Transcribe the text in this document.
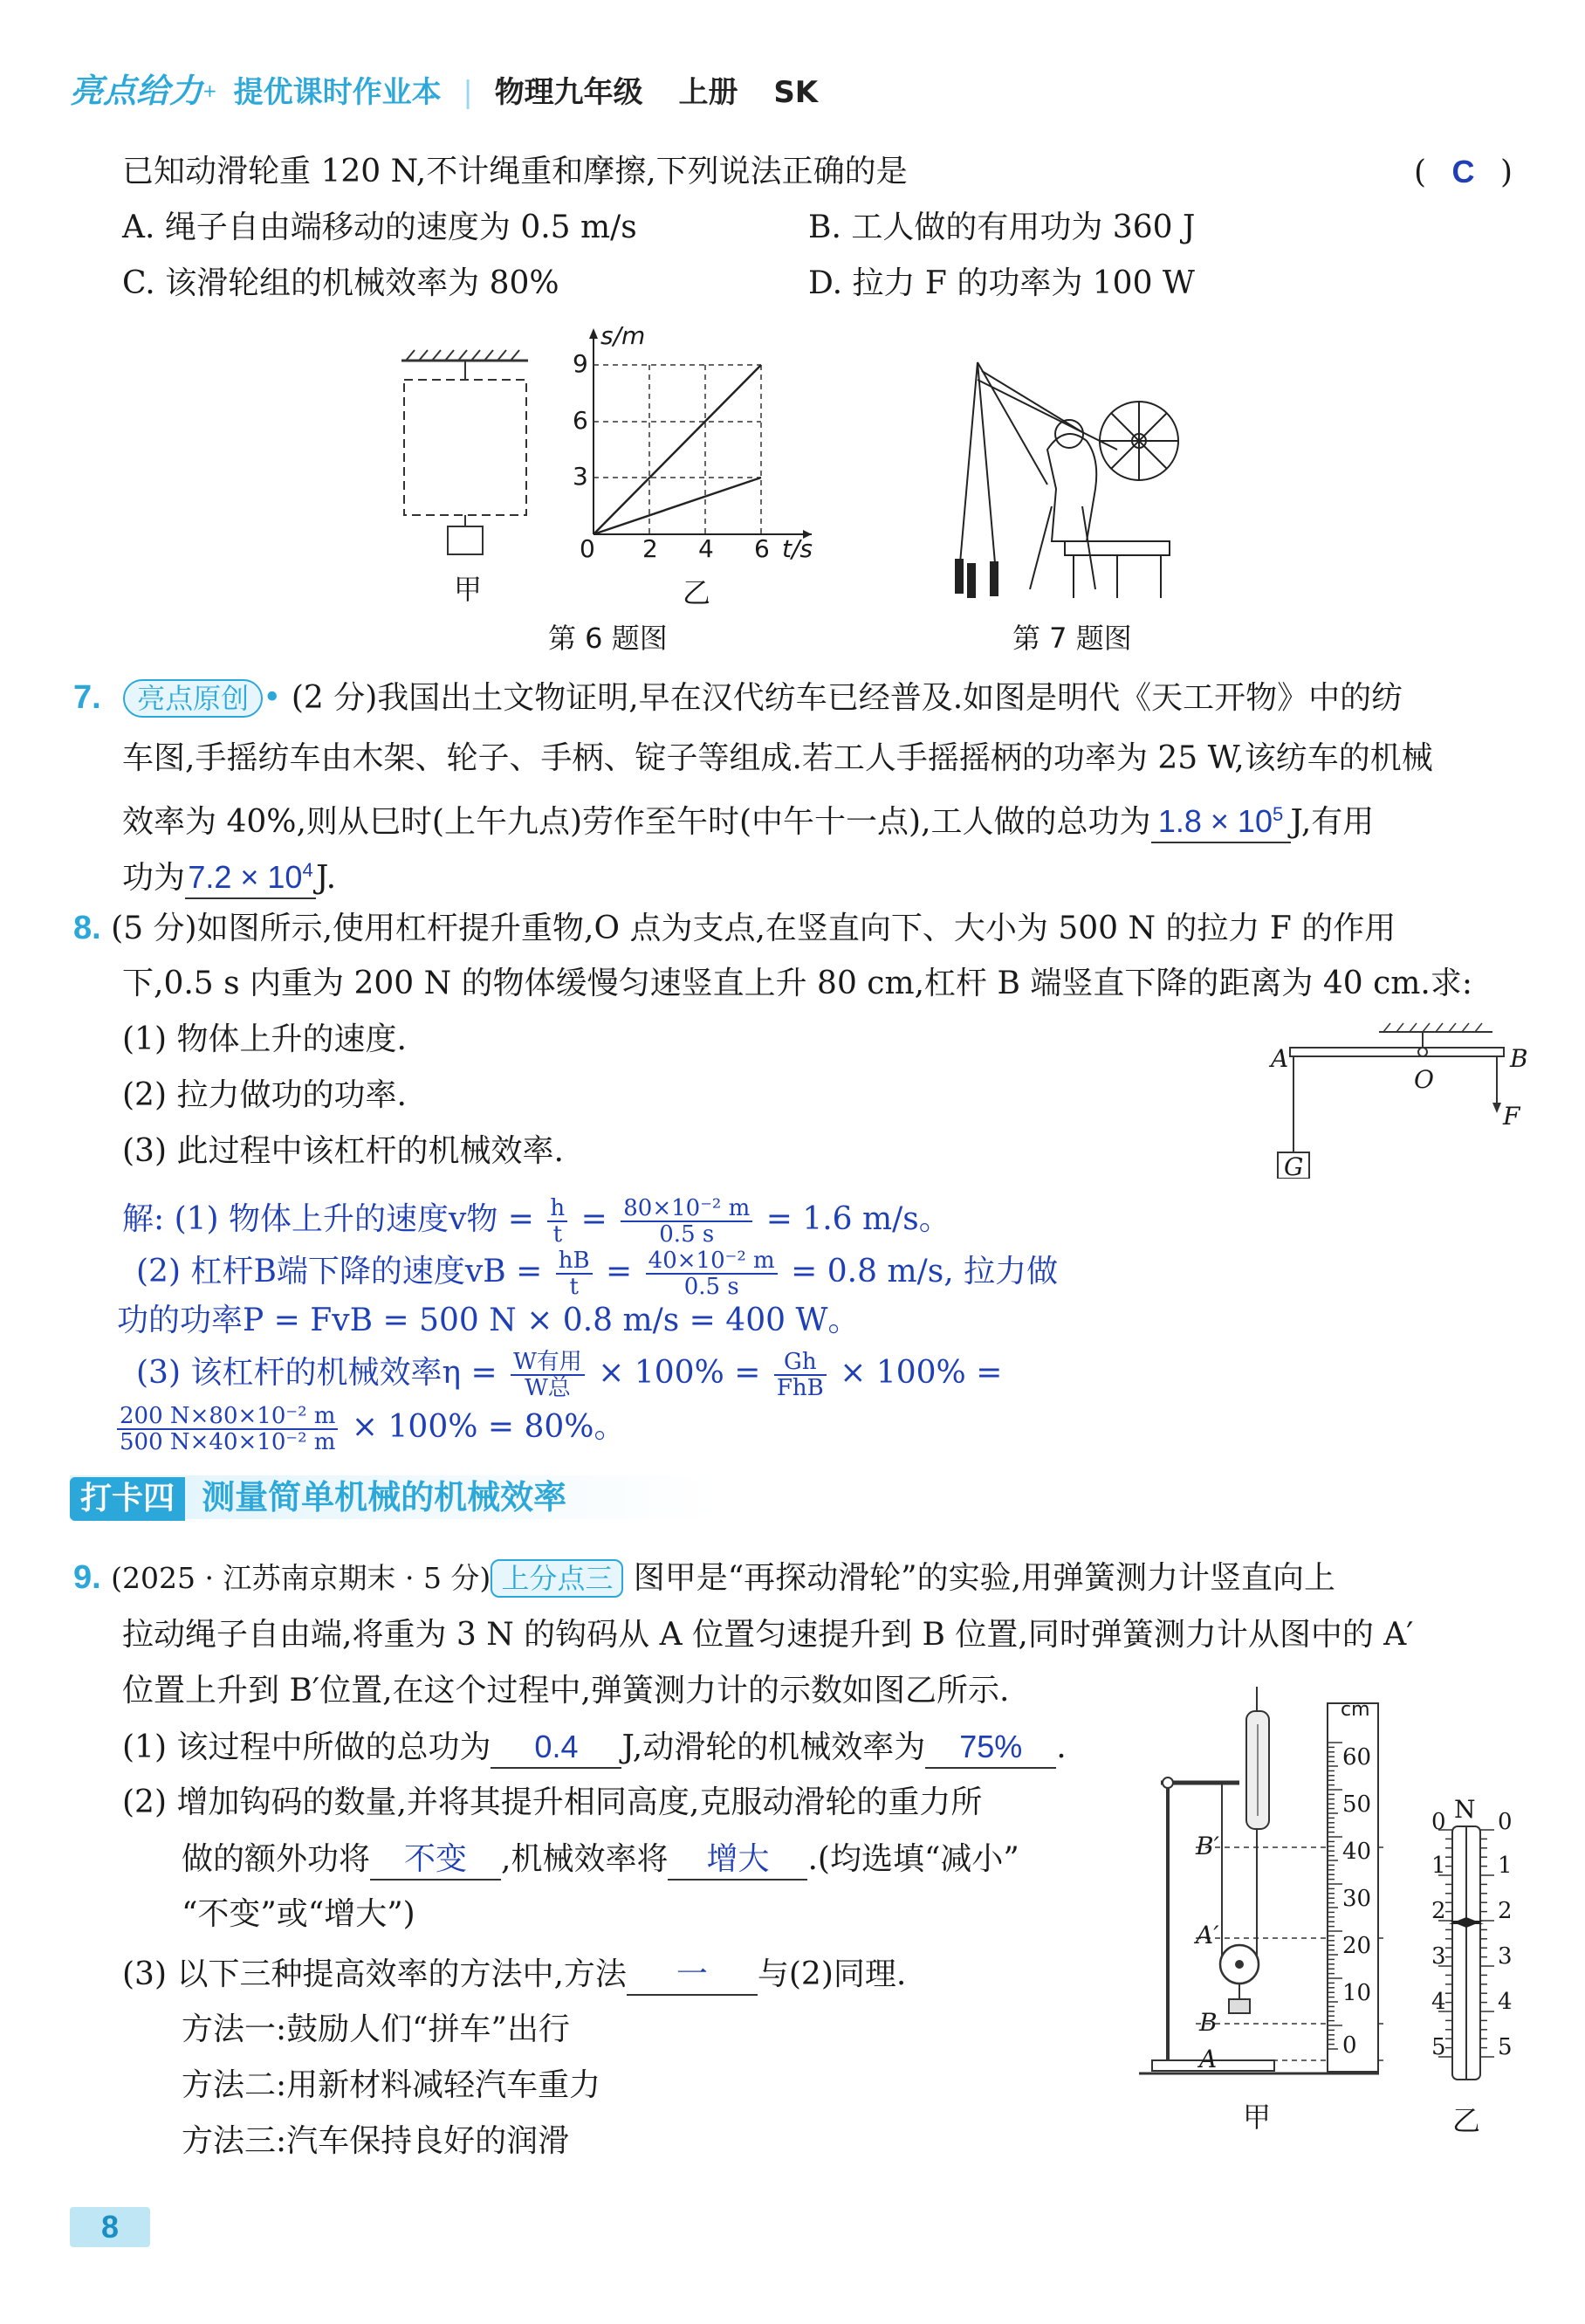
亮点给力+ 提优课时作业本 | 物理九年级 上册 SK
已知动滑轮重 120 N,不计绳重和摩擦,下列说法正确的是	( C )
A. 绳子自由端移动的速度为 0.5 m/s	B. 工人做的有用功为 360 J
C. 该滑轮组的机械效率为 80%	D. 拉力 F 的功率为 100 W
甲
s/m
9
6
3
0 2 4 6 t/s
乙
第 6 题图	第 7 题图
7. 亮点原创 • (2 分)我国出土文物证明,早在汉代纺车已经普及.如图是明代《天工开物》中的纺
车图,手摇纺车由木架、轮子、手柄、锭子等组成.若工人手摇摇柄的功率为 25 W,该纺车的机械
效率为 40%,则从巳时(上午九点)劳作至午时(中午十一点),工人做的总功为 $1.8 \times 10^5$ J,有用
功为$7.2 \times 10^4J$.
8. (5 分)如图所示,使用杠杆提升重物,O 点为支点,在竖直向下、大小为 500 N 的拉力 F 的作用
下,0.5 s 内重为 200 N 的物体缓慢匀速竖直上升 80 cm,杠杆 B 端竖直下降的距离为 40 cm.求:
(1) 物体上升的速度.
(2) 拉力做功的功率.
(3) 此过程中该杠杆的机械效率.
A	B
O
F
G
解: (1) 物体上升的速度v物 = $\frac{h}{t} = \frac{\text{80×10⁻² m}}{0.5 s} = 1.6$ m/s。
(2) 杠杆B端下降的速度vB = $\frac{hB}{t} = \frac{\text{40×10⁻² m}}{0.5 s} = 0.8$ m/s, 拉力做
功的功率P = FvB = 500 N × 0.8 m/s = 400 W。
(3) 该杠杆的机械效率$\eta = \frac{\text{W有用}}{\text{W总}} \times 100\% = \frac{Gh}{\text{FhB}} \times 100\%$ =
$\frac{\text{200 N×80×10⁻² m}}{\text{500 N×40×10⁻² m}} \times 100\% = 80\%$。
打卡四 测量简单机械的机械效率
9. (2025 · 江苏南京期末 · 5 分) 上分点三 图甲是“再探动滑轮”的实验,用弹簧测力计竖直向上
拉动绳子自由端,将重为 3 N 的钩码从 A 位置匀速提升到 B 位置,同时弹簧测力计从图中的 A′
位置上升到 B′位置,在这个过程中,弹簧测力计的示数如图乙所示.
(1) 该过程中所做的总功为 0.4 J,动滑轮的机械效率为 75% .
(2) 增加钩码的数量,并将其提升相同高度,克服动滑轮的重力所
做的额外功将 不变 ,机械效率将 增大 .(均选填“减小”
“不变”或“增大”)
(3) 以下三种提高效率的方法中,方法 一 与(2)同理.
方法一:鼓励人们“拼车”出行
方法二:用新材料减轻汽车重力
方法三:汽车保持良好的润滑
cm
60
50
40
30
20
10
0
B′
A′
B
A
甲
N
0
1
2
3
4
5
0
1
2
3
4
5
乙
8
